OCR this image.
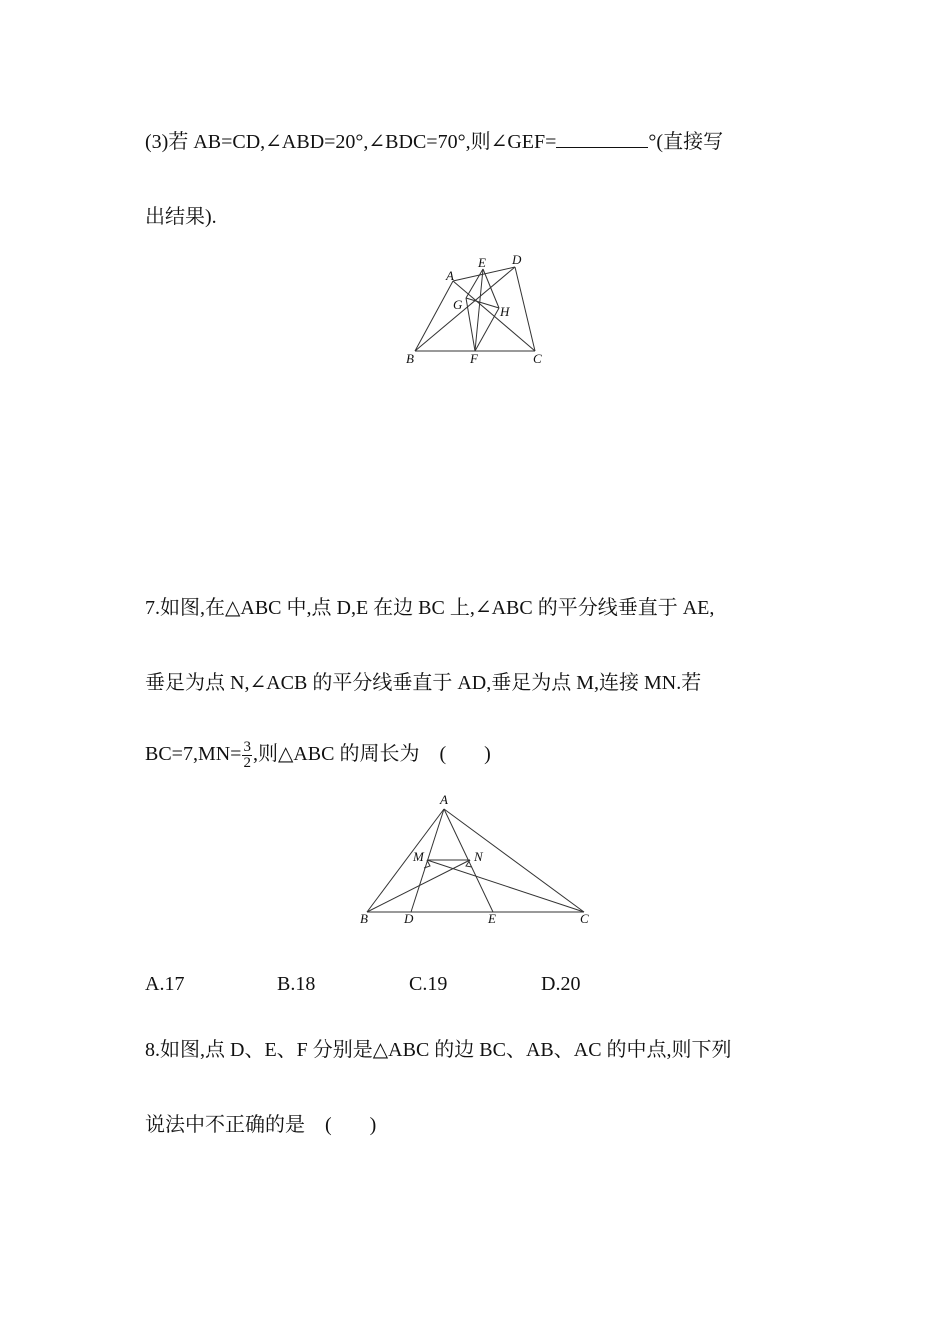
(3)若 AB=CD,∠ABD=20°,∠BDC=70°,则∠GEF=	°(直接写
出结果).
A
E D
G	H
B	F	C
7.如图,在△ABC 中,点 D,E 在边 BC 上,∠ABC 的平分线垂直于 AE,
垂足为点 N,∠ACB 的平分线垂直于 AD,垂足为点 M,连接 MN.若
$BC=7,MN= \frac{3}{2}$ ,则△ABC 的周长为 ( )
A
M	N
B	D	E	C
A.17	B.18	C.19	D.20
8.如图,点 D、E、F 分别是△ABC 的边 BC、AB、AC 的中点,则下列
说法中不正确的是 ( )
